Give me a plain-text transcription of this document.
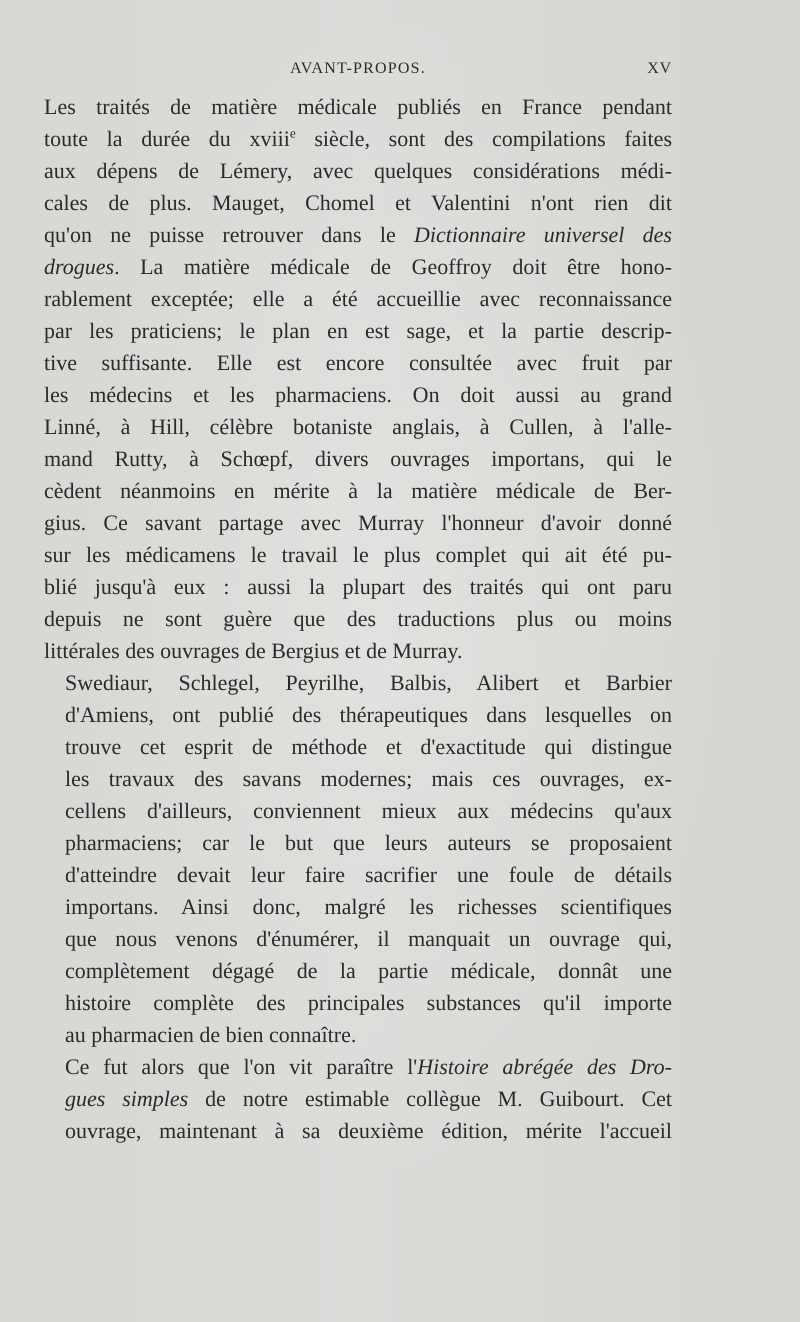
AVANT-PROPOS.	XV

Les traités de matière médicale publiés en France pendant
toute la durée du xviii$^e$ siècle, sont des compilations faites
aux dépens de Lémery, avec quelques considérations médi-
cales de plus. Mauget, Chomel et Valentini n'ont rien dit
qu'on ne puisse retrouver dans le Dictionnaire universel des
drogues. La matière médicale de Geoffroy doit être hono-
rablement exceptée; elle a été accueillie avec reconnaissance
par les praticiens; le plan en est sage, et la partie descrip-
tive suffisante. Elle est encore consultée avec fruit par
les médecins et les pharmaciens. On doit aussi au grand
Linné, à Hill, célèbre botaniste anglais, à Cullen, à l'alle-
mand Rutty, à Schœpf, divers ouvrages importans, qui le
cèdent néanmoins en mérite à la matière médicale de Ber-
gius. Ce savant partage avec Murray l'honneur d'avoir donné
sur les médicamens le travail le plus complet qui ait été pu-
blié jusqu'à eux : aussi la plupart des traités qui ont paru
depuis ne sont guère que des traductions plus ou moins
littérales des ouvrages de Bergius et de Murray.

Swediaur, Schlegel, Peyrilhe, Balbis, Alibert et Barbier
d'Amiens, ont publié des thérapeutiques dans lesquelles on
trouve cet esprit de méthode et d'exactitude qui distingue
les travaux des savans modernes; mais ces ouvrages, ex-
cellens d'ailleurs, conviennent mieux aux médecins qu'aux
pharmaciens; car le but que leurs auteurs se proposaient
d'atteindre devait leur faire sacrifier une foule de détails
importans. Ainsi donc, malgré les richesses scientifiques
que nous venons d'énumérer, il manquait un ouvrage qui,
complètement dégagé de la partie médicale, donnât une
histoire complète des principales substances qu'il importe
au pharmacien de bien connaître.

Ce fut alors que l'on vit paraître l'Histoire abrégée des Dro-
gues simples de notre estimable collègue M. Guibourt. Cet
ouvrage, maintenant à sa deuxième édition, mérite l'accueil
